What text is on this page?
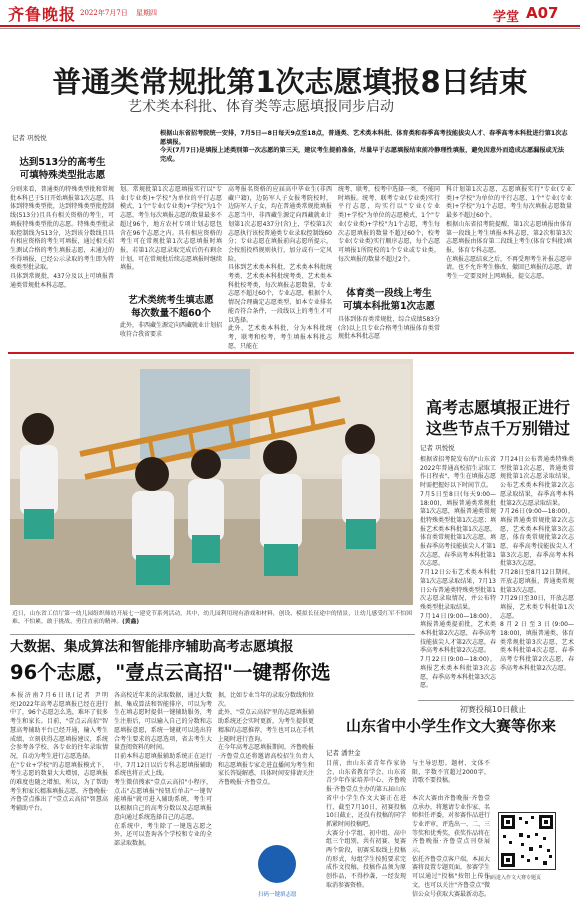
齐鲁晚报 2022年7月7日 星期四	学堂 A07
普通类常规批第1次志愿填报8日结束
艺术类本科批、体育类等志愿填报同步启动
记者 巩悦悦
根据山东省招考院统一安排，7月5日—8日每天9点至18点，普通类、艺术类本科批、体育类和春季高考技能拔尖人才、春季高考本科批进行第1次志愿填报。
今天(7月7日)是填报上述类别第一次志愿的第三天，建议考生提前准备，尽量早于志愿填报结束前冷静理性填报，避免因意外而造成志愿漏报或无法完成。
达到513分的高考生
可填特殊类型批志愿
分则来看，普通类的特殊类型批和常规批本科已于5日开始填报第1次志愿，具体到特殊类型批，达到特殊类型批控制线(513分)且具有相关资格的考生，可填报特殊类型批的志愿。特殊类型批录取控制线为513分，达到该分数线且具有相应资格的考生可填报，通过相关招生测试合格的考生填报志愿，未通过的不得填报，已经公示录取的考生即为特殊类型批录取。
具体到常规批，437分及以上可填报普通类常规批本科志愿，
划。常规批第1次志愿填报实行以"专业(专业类)+学校"为单位的平行志愿模式，1个"专业(专业类)+学校"为1个志愿，考生每次填报志愿的数量最多不超过96个，地方农村专项计划志愿包含在96个志愿之内。具有相应资格的考生可在常规批第1次志愿填报时填报，若第1次志愿录取完成后仍有剩余计划，可在常规批后续志愿填报时继续填报。
艺术类统考生填志愿
每次数量不超60个
此外，非西藏生源定向西藏就业计划招收符合我省要求
高考报名资格的应届高中毕业生(非西藏户籍)，边防军人子女报考院校时，边防军人子女，均在普通类常规批填报志愿当中，非西藏生源定向西藏就业计划第1次志愿437分(含)上，学校第1次志愿执行该校普通类专业录取控制线60分；专业志愿在填报前向志愿所提示，会按照投档规则执行，加分或有一定风险。
具体到艺术类本科批，艺术类本科批统考类、艺术类本科批统考类、艺术类本科批校考类，每次填报志愿数量，专业志愿不超过60个，专业志愿，根据个人情况合理确定志愿类型，如本专业排名能否符合条件，一段线以上的考生才可以选择。
此外，艺术类本科批，分为本科批统考，联考和校考，考生填报本科批志愿，只能在
统考、联考，校考中选择一类，不能同时填报。统考、联考专业(专业类)实行平行志愿，均实行以"专业(专业类)+学校"为单位的志愿模式，1个"专业(专业类)+学校"为1个志愿，考生每次志愿填报的数量不超过60个，校考专业(专业类)实行顺序志愿，每个志愿可填报1所院校的1个专业或专业类，每次填报的数量不超过2个。
体育类一段线上考生
可填本科批第1次志愿
具体到体育类常规批，综合成绩583分(含)以上且专业合格考生填报体育类常规批本科批志愿
科计划第1次志愿，志愿填报实行"专业(专业类)+学校"为单位的平行志愿，1个"专业(专业类)+学校"为1个志愿，考生每次填报志愿数量最多不超过60个。
根据山东省招考院提醒，第1次志愿填报由体育第一段线上考生填报本科志愿，第2次和第3次志愿填报由体育第二段线上考生(体育专科批)填报，体育专科志愿。
在填报志愿结束之后，不再受理考生补报志愿申请，也不允许考生修改、撤回已填报的志愿，请考生一定要及时上网填报，提交志愿。
近日，山东省工信厅第一幼儿园组织师幼开展七一建党节系列活动，其中，幼儿园利用现有游戏和材料，创设、模拟长征途中的情景，让幼儿感受红军不怕困难、不怕累，敢于挑战、勇往直前的精神。(黄鑫)
高考志愿填报正进行
这些节点千万别错过
记者 巩悦悦
根据省招考院发布的"山东省2022年普通高校招生录取工作日程表"，考生在填报志愿时需把握好以下时间节点。
7月5日至8日(每天9:00—18:00)，填报普通类常规批第1次志愿，填报普通类常规批特殊类型批第1次志愿；填报艺术类本科批第1次志愿，体育类常规批第1次志愿，填报春季高考技能拔尖人才第1次志愿，春季高考本科批第1次志愿。
7月12日公布艺术类本科批第1次志愿录取结果，7月13日公布普通类特殊类型批第1次志愿录取情况，并公布特殊类型批录取结果。
7月14日(9:00—18:00)，填报普通类提前批，艺术类本科批第2次志愿，春季高考技能拔尖人才第2次志愿，春季高考本科批第2次志愿。
7月22日(9:00—18:00)，填报艺术类本科批第3次志愿，春季高考本科批第3次志愿。
7月24日公布普通类特殊类型批第1次志愿，普通类常规批第1次志愿录取结果，公布艺术类本科批第2次志愿录取结果，春季高考本科批第2次志愿录取结果。
7月26日(9:00—18:00)，填报普通类常规批第2次志愿，艺术类本科批第3次志愿，体育类常规批第2次志愿，春季高考技能拔尖人才第3次志愿，春季高考本科批第3次志愿。
7月28日至8月12日期间，开放志愿填报，普通类常规批第3次志愿。
7月29日至30日，开放志愿填报，艺术类专科批第1次志愿。
8月2日至3日(9:00—18:00)，填报普通类、体育类常规批第3次志愿，艺术类本科批第4次志愿，春季高考专科批第2次志愿，春季高考本科批第2次志愿。
大数据、集成算法和智能排序辅助高考志愿填报
96个志愿，"壹点云高招"一键帮你选
本报济南7月6日讯(记者 尹明亮)2022年高考志愿填报已经在进行中了，96个志愿怎么选，难坏了很多考生和家长。目前，"壹点云高招"智慧高考辅助平台已经开通，输入考生成绩，立刻获得志愿填报建议，系统会参考各学校、各专业的往年录取情况，自动为考生进行志愿选择。
在"专业+学校"的志愿填报模式下，考生志愿的数量大大增加，志愿填报的难度也随之增加，所以，为了帮助考生和家长精准填报志愿，齐鲁晚报·齐鲁壹点推出了"壹点云高招"智慧高考辅助平台。
各高校近年来的录取数据，通过大数据、集成算法和智能排序，可以为考生在填志愿时提供一键辅助服务，考生注册后，可以输入自己的分数和志愿填报意愿，系统一键就可以选出符合考生要求的志愿选项，省去考生大量查阅资料的时间。
目前本科志愿填报辅助系统正在运行中，7月12日以后专科志愿填报辅助系统也将正式上线。
考生微信搜索"壹点云高招"小程序，点击"志愿填报"按钮后单击"一键智能填报"就可进入辅助系统，考生可以根据自己的高考分数以及志愿填报意向通过系统选择自己的志愿。
在系统中，考生除了一键选志愿之外，还可以查询各个学校和专业的全部录取数据。
据，比如专业当年的录取分数线和位次。
此外，"壹点云高招"里的志愿填报辅助系统还会实时更新，为考生提供更精准的志愿推荐，考生也可以在手机上随时进行查询。
在今年高考志愿填报期间，齐鲁晚报·齐鲁壹点还将邀请高校招生负责人和志愿填报专家走进直播间为考生和家长答疑解惑，具体时间安排请关注齐鲁晚报·齐鲁壹点。
扫码一键填志愿
初赛投稿10日截止
山东省中小学生作文大赛等你来
记者 潘世金
目前，由山东省青年作家协会、山东省教育学会、山东省青少年作家培养中心、齐鲁晚报·齐鲁壹点主办的第五届山东省中小学生作文大赛正在进行，截至7月10日，初赛投稿10日截止，还没有投稿的同学抓紧时间投稿吧。
大赛分小学组、初中组、高中组三个组别，共有初赛、复赛两个阶段，初赛采取线上投稿的形式，每组学生按照要求完成作文投稿，投稿作品须为原创作品，不得抄袭，一经发现取消参赛资格。
与主导思想。题材、文体不限，字数不宜超过2000字，诗歌不要投稿。

本次大赛由齐鲁晚报·齐鲁壹点承办，将邀请专业作家、名师担任评委，对参赛作品进行专业评审，评选出一、二、三等奖和优秀奖，获奖作品将在齐鲁晚报·齐鲁壹点刊登展示。
依托齐鲁壹点客户端，本届大赛将设置专题页面，参赛学生可以通过"投稿"按钮上传作文，也可以关注"齐鲁壹点"微信公众号获取大赛最新动态。
扫码进入作文大赛专题页
